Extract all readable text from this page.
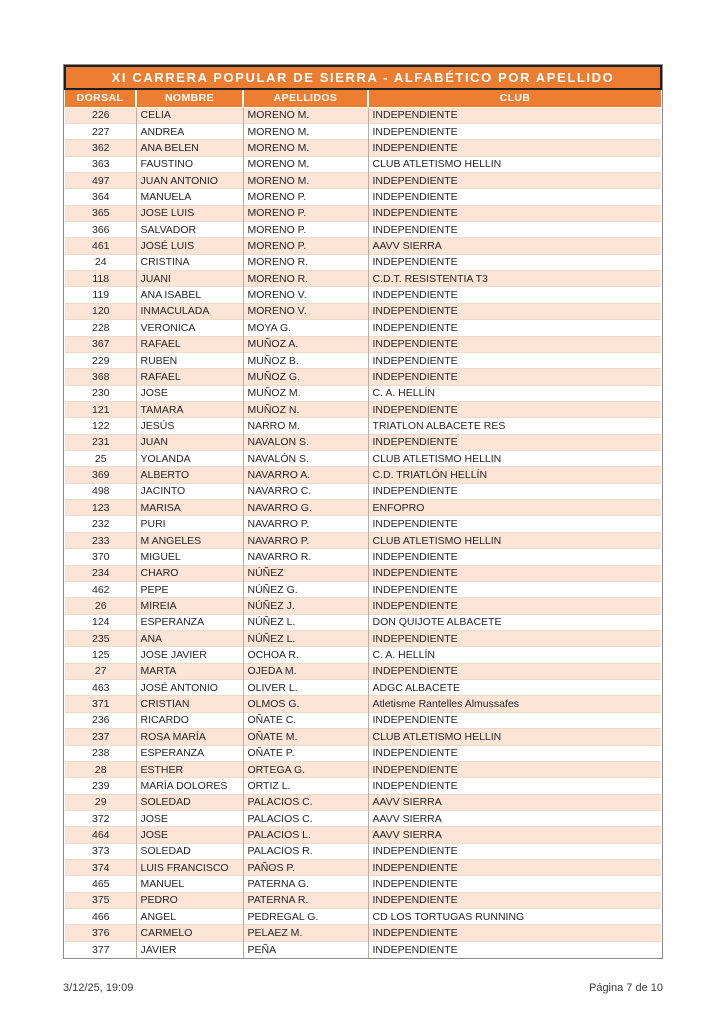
XI CARRERA POPULAR DE SIERRA - ALFABÉTICO POR APELLIDO			
DORSAL	NOMBRE	APELLIDOS	CLUB
226	CELIA	MORENO M.	INDEPENDIENTE
227	ANDREA	MORENO M.	INDEPENDIENTE
362	ANA BELEN	MORENO M.	INDEPENDIENTE
363	FAUSTINO	MORENO M.	CLUB ATLETISMO HELLIN
497	JUAN ANTONIO	MORENO M.	INDEPENDIENTE
364	MANUELA	MORENO P.	INDEPENDIENTE
365	JOSE LUIS	MORENO P.	INDEPENDIENTE
366	SALVADOR	MORENO P.	INDEPENDIENTE
461	JOSÉ LUIS	MORENO P.	AAVV SIERRA
24	CRISTINA	MORENO R.	INDEPENDIENTE
118	JUANI	MORENO R.	C.D.T. RESISTENTIA T3
119	ANA ISABEL	MORENO V.	INDEPENDIENTE
120	INMACULADA	MORENO V.	INDEPENDIENTE
228	VERONICA	MOYA G.	INDEPENDIENTE
367	RAFAEL	MUÑOZ A.	INDEPENDIENTE
229	RUBEN	MUÑOZ B.	INDEPENDIENTE
368	RAFAEL	MUÑOZ G.	INDEPENDIENTE
230	JOSE	MUÑOZ M.	C. A. HELLÍN
121	TAMARA	MUÑOZ N.	INDEPENDIENTE
122	JESÚS	NARRO M.	TRIATLON ALBACETE RES
231	JUAN	NAVALON S.	INDEPENDIENTE
25	YOLANDA	NAVALÓN S.	CLUB ATLETISMO HELLIN
369	ALBERTO	NAVARRO A.	C.D. TRIATLÓN HELLÍN
498	JACINTO	NAVARRO C.	INDEPENDIENTE
123	MARISA	NAVARRO G.	ENFOPRO
232	PURI	NAVARRO P.	INDEPENDIENTE
233	M ANGELES	NAVARRO P.	CLUB ATLETISMO HELLIN
370	MIGUEL	NAVARRO R.	INDEPENDIENTE
234	CHARO	NÚÑEZ	INDEPENDIENTE
462	PEPE	NÚÑEZ G.	INDEPENDIENTE
26	MIREIA	NÚÑEZ J.	INDEPENDIENTE
124	ESPERANZA	NÚÑEZ L.	DON QUIJOTE ALBACETE
235	ANA	NÚÑEZ L.	INDEPENDIENTE
125	JOSE JAVIER	OCHOA R.	C. A. HELLÍN
27	MARTA	OJEDA M.	INDEPENDIENTE
463	JOSÉ ANTONIO	OLIVER L.	ADGC ALBACETE
371	CRISTIAN	OLMOS G.	Atletisme Rantelles Almussafes
236	RICARDO	OÑATE C.	INDEPENDIENTE
237	ROSA MARÍA	OÑATE M.	CLUB ATLETISMO HELLIN
238	ESPERANZA	OÑATE P.	INDEPENDIENTE
28	ESTHER	ORTEGA G.	INDEPENDIENTE
239	MARÍA DOLORES	ORTIZ L.	INDEPENDIENTE
29	SOLEDAD	PALACIOS C.	AAVV SIERRA
372	JOSE	PALACIOS C.	AAVV SIERRA
464	JOSE	PALACIOS L.	AAVV SIERRA
373	SOLEDAD	PALACIOS R.	INDEPENDIENTE
374	LUIS FRANCISCO	PAÑOS P.	INDEPENDIENTE
465	MANUEL	PATERNA G.	INDEPENDIENTE
375	PEDRO	PATERNA R.	INDEPENDIENTE
466	ANGEL	PEDREGAL G.	CD LOS TORTUGAS RUNNING
376	CARMELO	PELAEZ M.	INDEPENDIENTE
377	JAVIER	PEÑA	INDEPENDIENTE
3/12/25, 19:09	Página 7 de 10
